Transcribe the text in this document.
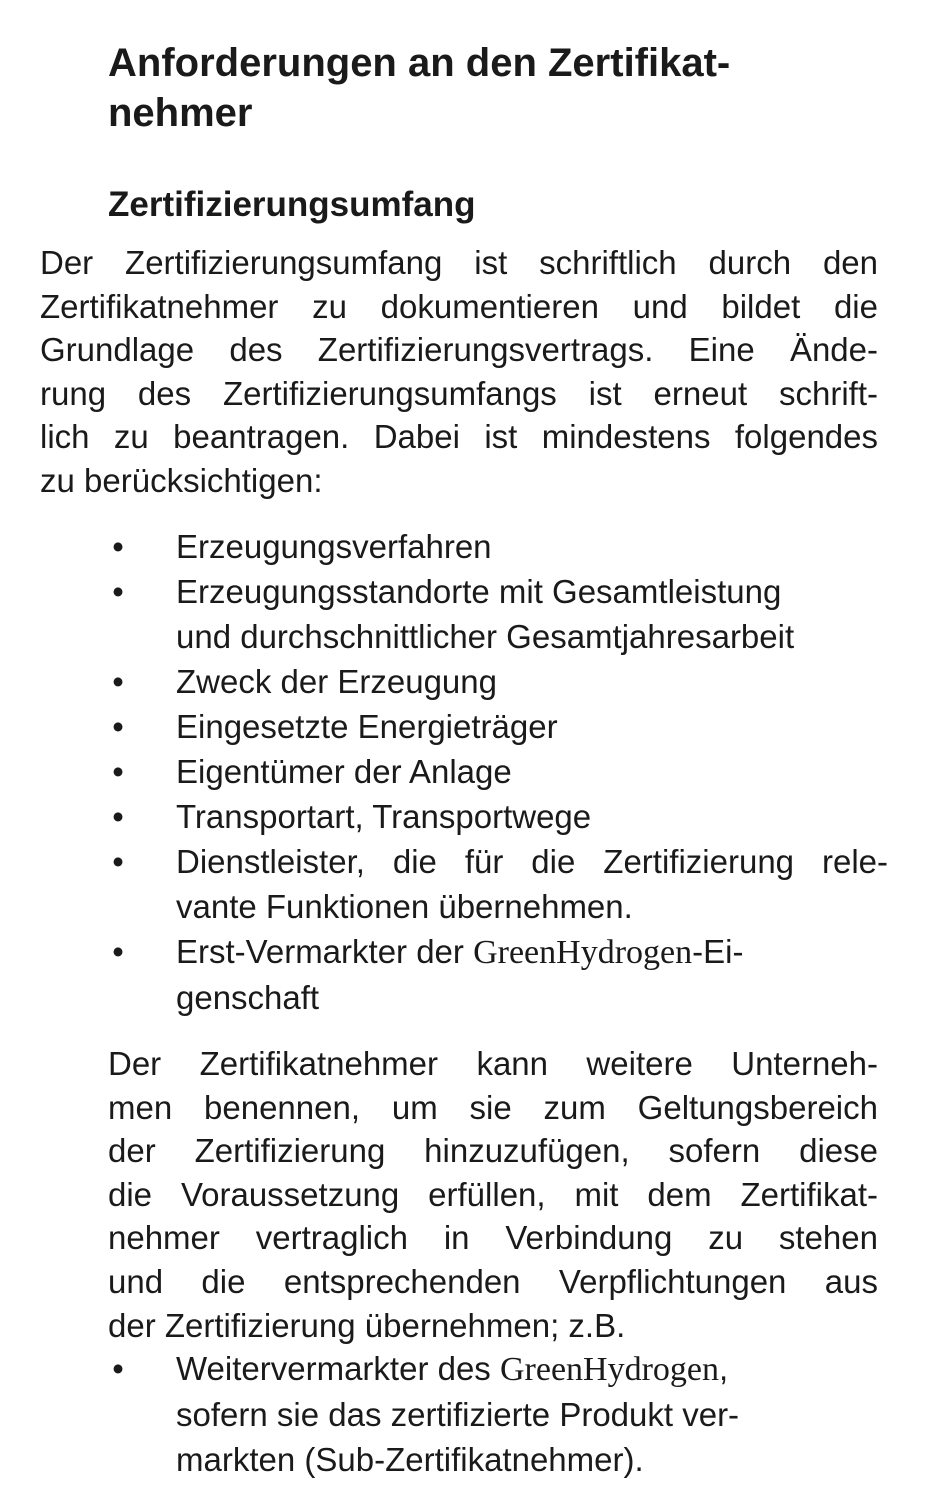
Anforderungen an den Zertifikat-
nehmer
Zertifizierungsumfang

Der Zertifizierungsumfang ist schriftlich durch den
Zertifikatnehmer zu dokumentieren und bildet die
Grundlage des Zertifizierungsvertrags. Eine Ände-
rung des Zertifizierungsumfangs ist erneut schrift-
lich zu beantragen. Dabei ist mindestens folgendes
zu berücksichtigen:

• Erzeugungsverfahren
• Erzeugungsstandorte mit Gesamtleistung
und durchschnittlicher Gesamtjahresarbeit
• Zweck der Erzeugung
• Eingesetzte Energieträger
• Eigentümer der Anlage
• Transportart, Transportwege
• Dienstleister, die für die Zertifizierung rele-
vante Funktionen übernehmen.
• Erst-Vermarkter der GreenHydrogen-Ei-
genschaft

Der Zertifikatnehmer kann weitere Unterneh-
men benennen, um sie zum Geltungsbereich
der Zertifizierung hinzuzufügen, sofern diese
die Voraussetzung erfüllen, mit dem Zertifikat-
nehmer vertraglich in Verbindung zu stehen
und die entsprechenden Verpflichtungen aus
der Zertifizierung übernehmen; z.B.

• Weitervermarkter des GreenHydrogen,
sofern sie das zertifizierte Produkt ver-
markten (Sub-Zertifikatnehmer).
